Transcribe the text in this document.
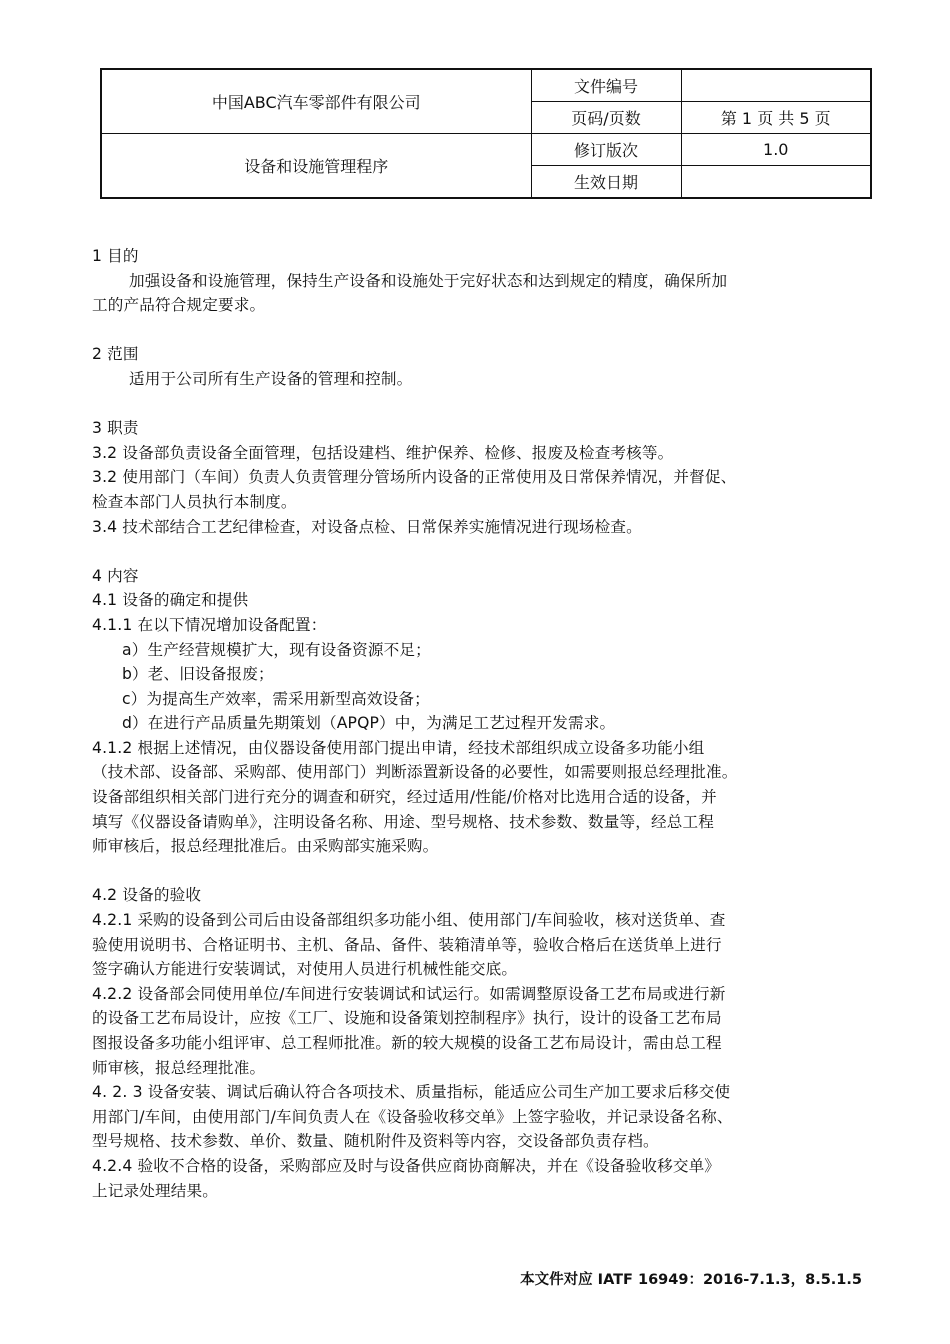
中国ABC汽车零部件有限公司	文件编号	
	页码/页数	第 1 页 共 5 页
设备和设施管理程序	修订版次	1.0
	生效日期	
1 目的
加强设备和设施管理，保持生产设备和设施处于完好状态和达到规定的精度，确保所加
工的产品符合规定要求。
2 范围
适用于公司所有生产设备的管理和控制。
3 职责
3.2 设备部负责设备全面管理，包括设建档、维护保养、检修、报废及检查考核等。
3.2 使用部门（车间）负责人负责管理分管场所内设备的正常使用及日常保养情况，并督促、
检查本部门人员执行本制度。
3.4 技术部结合工艺纪律检查，对设备点检、日常保养实施情况进行现场检查。
4 内容
4.1 设备的确定和提供
4.1.1 在以下情况增加设备配置：
a）生产经营规模扩大，现有设备资源不足；
b）老、旧设备报废；
c）为提高生产效率，需采用新型高效设备；
d）在进行产品质量先期策划（APQP）中，为满足工艺过程开发需求。
4.1.2 根据上述情况，由仪器设备使用部门提出申请，经技术部组织成立设备多功能小组
（技术部、设备部、采购部、使用部门）判断添置新设备的必要性，如需要则报总经理批准。
设备部组织相关部门进行充分的调查和研究，经过适用/性能/价格对比选用合适的设备，并
填写《仪器设备请购单》，注明设备名称、用途、型号规格、技术参数、数量等，经总工程
师审核后，报总经理批准后。由采购部实施采购。
4.2 设备的验收
4.2.1 采购的设备到公司后由设备部组织多功能小组、使用部门/车间验收，核对送货单、查
验使用说明书、合格证明书、主机、备品、备件、装箱清单等，验收合格后在送货单上进行
签字确认方能进行安装调试，对使用人员进行机械性能交底。
4.2.2 设备部会同使用单位/车间进行安装调试和试运行。如需调整原设备工艺布局或进行新
的设备工艺布局设计，应按《工厂、设施和设备策划控制程序》执行，设计的设备工艺布局
图报设备多功能小组评审、总工程师批准。新的较大规模的设备工艺布局设计，需由总工程
师审核，报总经理批准。
4. 2. 3 设备安装、调试后确认符合各项技术、质量指标，能适应公司生产加工要求后移交使
用部门/车间，由使用部门/车间负责人在《设备验收移交单》上签字验收，并记录设备名称、
型号规格、技术参数、单价、数量、随机附件及资料等内容，交设备部负责存档。
4.2.4 验收不合格的设备，采购部应及时与设备供应商协商解决，并在《设备验收移交单》
上记录处理结果。
本文件对应 IATF 16949：2016-7.1.3，8.5.1.5
